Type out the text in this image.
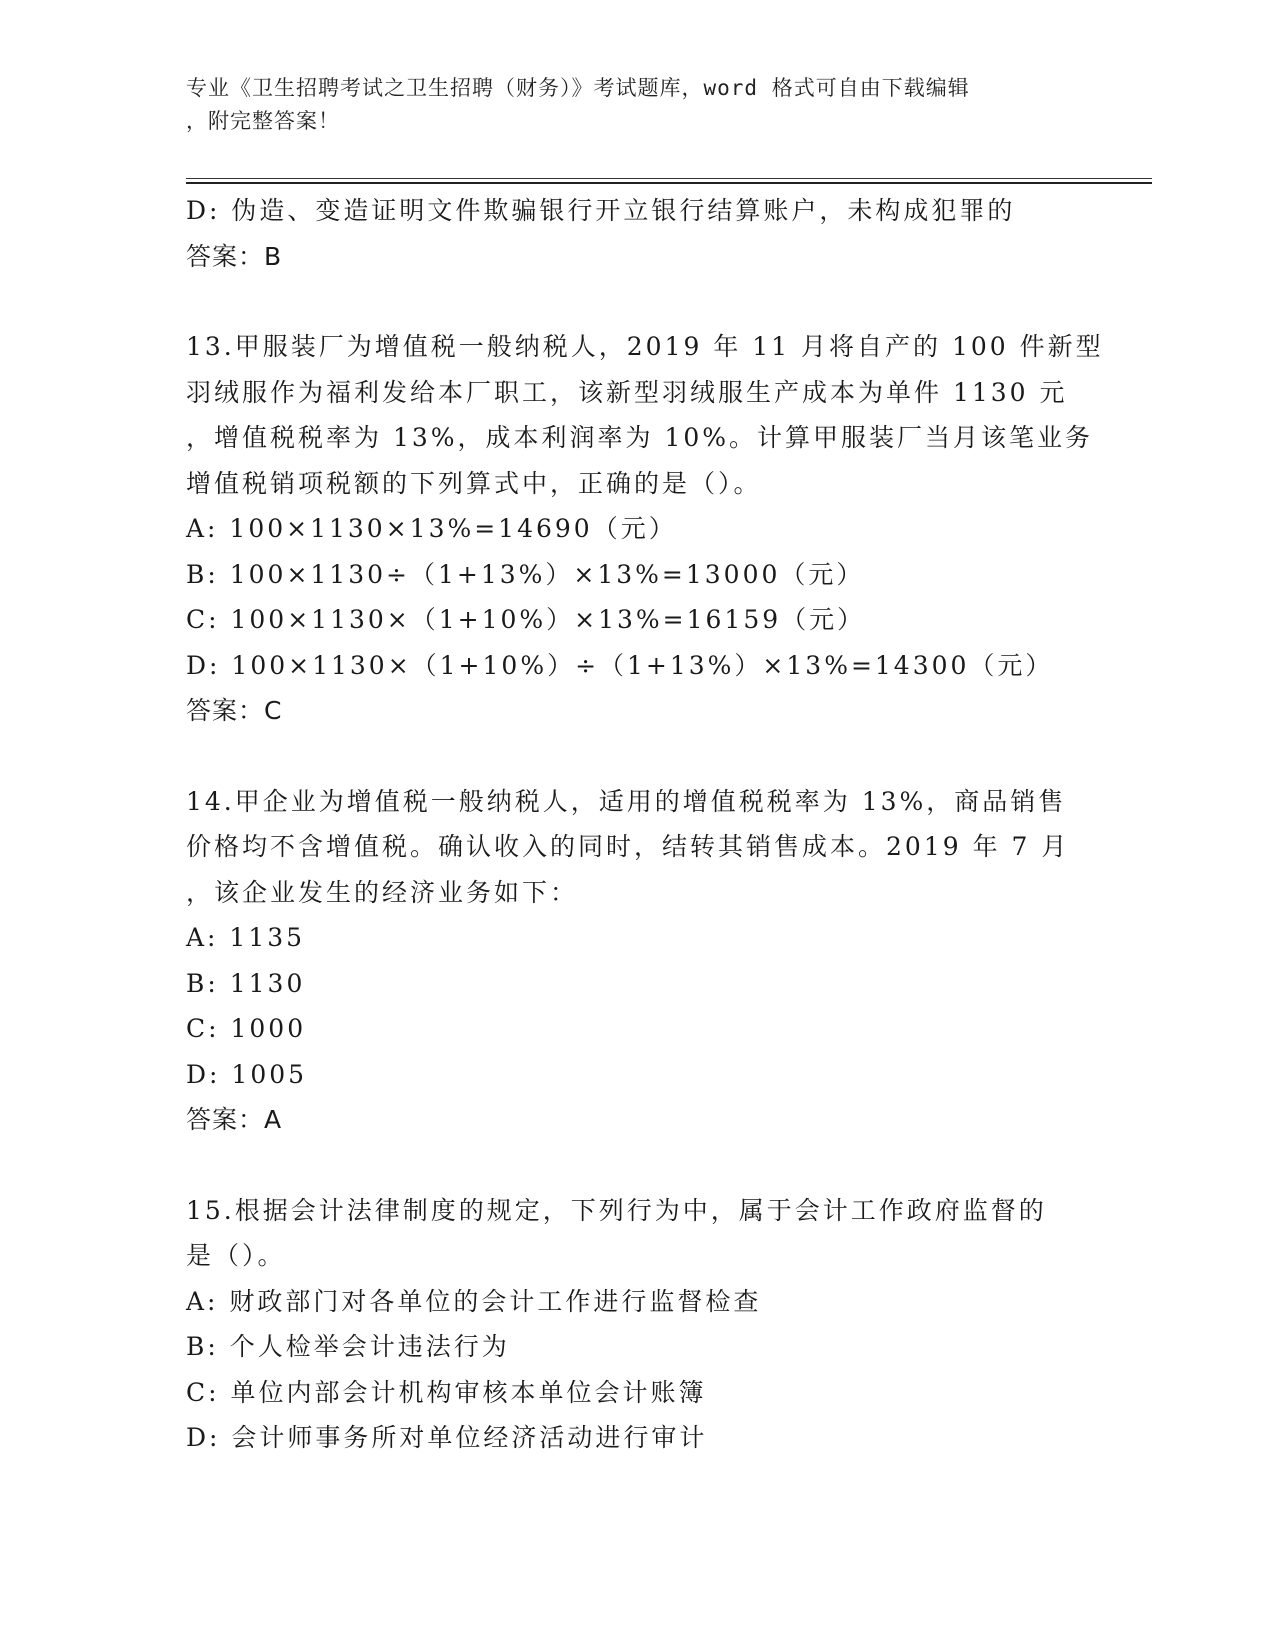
专业《卫生招聘考试之卫生招聘（财务）》考试题库，word 格式可自由下载编辑
，附完整答案！
D: 伪造、变造证明文件欺骗银行开立银行结算账户，未构成犯罪的
答案：B
13.甲服装厂为增值税一般纳税人，2019 年 11 月将自产的 100 件新型
羽绒服作为福利发给本厂职工，该新型羽绒服生产成本为单件 1130 元
，增值税税率为 13%，成本利润率为 10%。计算甲服装厂当月该笔业务
增值税销项税额的下列算式中，正确的是（）。
A: 100×1130×13%=14690（元）
B: 100×1130÷（1+13%）×13%=13000（元）
C: 100×1130×（1+10%）×13%=16159（元）
D: 100×1130×（1+10%）÷（1+13%）×13%=14300（元）
答案：C
14.甲企业为增值税一般纳税人，适用的增值税税率为 13%，商品销售
价格均不含增值税。确认收入的同时，结转其销售成本。2019 年 7 月
，该企业发生的经济业务如下：
A: 1135
B: 1130
C: 1000
D: 1005
答案：A
15.根据会计法律制度的规定，下列行为中，属于会计工作政府监督的
是（）。
A: 财政部门对各单位的会计工作进行监督检查
B: 个人检举会计违法行为
C: 单位内部会计机构审核本单位会计账簿
D: 会计师事务所对单位经济活动进行审计
